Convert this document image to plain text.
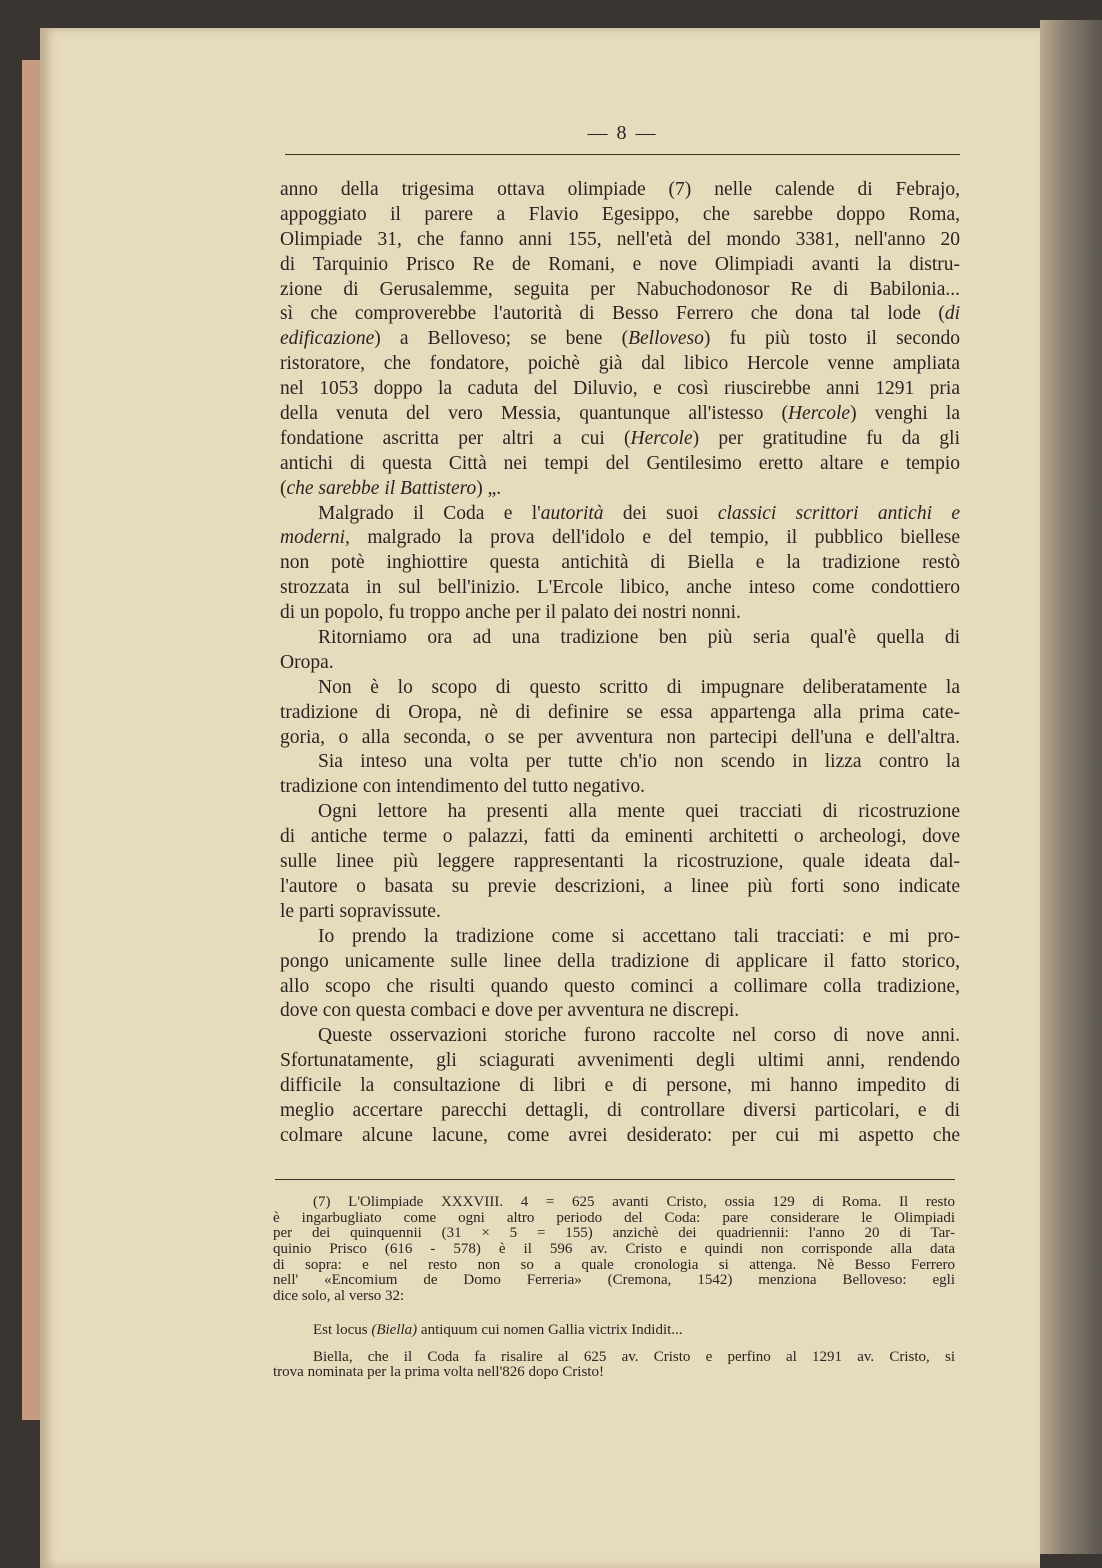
— 8 —
anno della trigesima ottava olimpiade (7) nelle calende di Febrajo,
appoggiato il parere a Flavio Egesippo, che sarebbe doppo Roma,
Olimpiade 31, che fanno anni 155, nell'età del mondo 3381, nell'anno 20
di Tarquinio Prisco Re de Romani, e nove Olimpiadi avanti la distru-
zione di Gerusalemme, seguita per Nabuchodonosor Re di Babilonia...
sì che comproverebbe l'autorità di Besso Ferrero che dona tal lode (di
edificazione) a Belloveso; se bene (Belloveso) fu più tosto il secondo
ristoratore, che fondatore, poichè già dal libico Hercole venne ampliata
nel 1053 doppo la caduta del Diluvio, e così riuscirebbe anni 1291 pria
della venuta del vero Messia, quantunque all'istesso (Hercole) venghi la
fondatione ascritta per altri a cui (Hercole) per gratitudine fu da gli
antichi di questa Città nei tempi del Gentilesimo eretto altare e tempio
(che sarebbe il Battistero) „.
Malgrado il Coda e l'autorità dei suoi classici scrittori antichi e
moderni, malgrado la prova dell'idolo e del tempio, il pubblico biellese
non potè inghiottire questa antichità di Biella e la tradizione restò
strozzata in sul bell'inizio. L'Ercole libico, anche inteso come condottiero
di un popolo, fu troppo anche per il palato dei nostri nonni.
Ritorniamo ora ad una tradizione ben più seria qual'è quella di
Oropa.
Non è lo scopo di questo scritto di impugnare deliberatamente la
tradizione di Oropa, nè di definire se essa appartenga alla prima cate-
goria, o alla seconda, o se per avventura non partecipi dell'una e dell'altra.
Sia inteso una volta per tutte ch'io non scendo in lizza contro la
tradizione con intendimento del tutto negativo.
Ogni lettore ha presenti alla mente quei tracciati di ricostruzione
di antiche terme o palazzi, fatti da eminenti architetti o archeologi, dove
sulle linee più leggere rappresentanti la ricostruzione, quale ideata dal-
l'autore o basata su previe descrizioni, a linee più forti sono indicate
le parti sopravissute.
Io prendo la tradizione come si accettano tali tracciati: e mi pro-
pongo unicamente sulle linee della tradizione di applicare il fatto storico,
allo scopo che risulti quando questo cominci a collimare colla tradizione,
dove con questa combaci e dove per avventura ne discrepi.
Queste osservazioni storiche furono raccolte nel corso di nove anni.
Sfortunatamente, gli sciagurati avvenimenti degli ultimi anni, rendendo
difficile la consultazione di libri e di persone, mi hanno impedito di
meglio accertare parecchi dettagli, di controllare diversi particolari, e di
colmare alcune lacune, come avrei desiderato: per cui mi aspetto che
(7) L'Olimpiade XXXVIII. 4 = 625 avanti Cristo, ossia 129 di Roma. Il resto
è ingarbugliato come ogni altro periodo del Coda: pare considerare le Olimpiadi
per dei quinquennii (31 × 5 = 155) anzichè dei quadriennii: l'anno 20 di Tar-
quinio Prisco (616 - 578) è il 596 av. Cristo e quindi non corrisponde alla data
di sopra: e nel resto non so a quale cronologia si attenga. Nè Besso Ferrero
nell' «Encomium de Domo Ferreria» (Cremona, 1542) menziona Belloveso: egli
dice solo, al verso 32:
Est locus (Biella) antiquum cui nomen Gallia victrix Indidit...
Biella, che il Coda fa risalire al 625 av. Cristo e perfino al 1291 av. Cristo, si
trova nominata per la prima volta nell'826 dopo Cristo!
